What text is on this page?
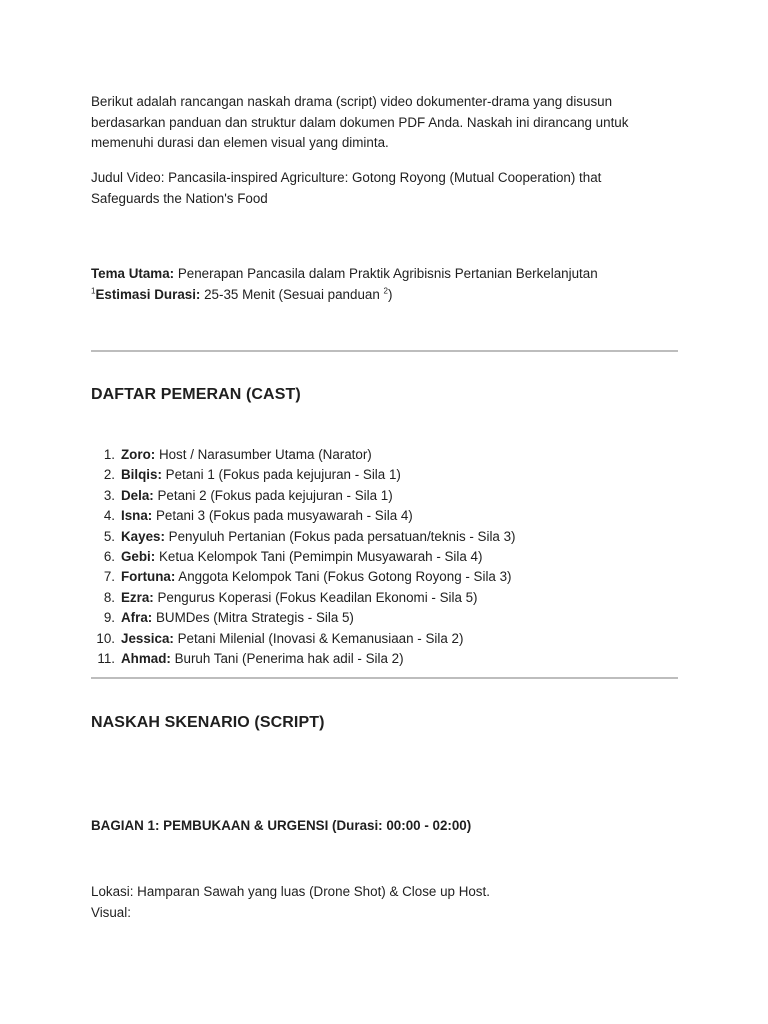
Berikut adalah rancangan naskah drama (script) video dokumenter-drama yang disusun berdasarkan panduan dan struktur dalam dokumen PDF Anda. Naskah ini dirancang untuk memenuhi durasi dan elemen visual yang diminta.

Judul Video: Pancasila-inspired Agriculture: Gotong Royong (Mutual Cooperation) that Safeguards the Nation's Food

Tema Utama: Penerapan Pancasila dalam Praktik Agribisnis Pertanian Berkelanjutan
$^1$Estimasi Durasi: 25-35 Menit (Sesuai panduan $^2$)

DAFTAR PEMERAN (CAST)
1. Zoro: Host / Narasumber Utama (Narator)
2. Bilqis: Petani 1 (Fokus pada kejujuran - Sila 1)
3. Dela: Petani 2 (Fokus pada kejujuran - Sila 1)
4. Isna: Petani 3 (Fokus pada musyawarah - Sila 4)
5. Kayes: Penyuluh Pertanian (Fokus pada persatuan/teknis - Sila 3)
6. Gebi: Ketua Kelompok Tani (Pemimpin Musyawarah - Sila 4)
7. Fortuna: Anggota Kelompok Tani (Fokus Gotong Royong - Sila 3)
8. Ezra: Pengurus Koperasi (Fokus Keadilan Ekonomi - Sila 5)
9. Afra: BUMDes (Mitra Strategis - Sila 5)
10. Jessica: Petani Milenial (Inovasi & Kemanusiaan - Sila 2)
11. Ahmad: Buruh Tani (Penerima hak adil - Sila 2)
NASKAH SKENARIO (SCRIPT)
BAGIAN 1: PEMBUKAAN & URGENSI (Durasi: 00:00 - 02:00)

Lokasi: Hamparan Sawah yang luas (Drone Shot) & Close up Host.
Visual:
